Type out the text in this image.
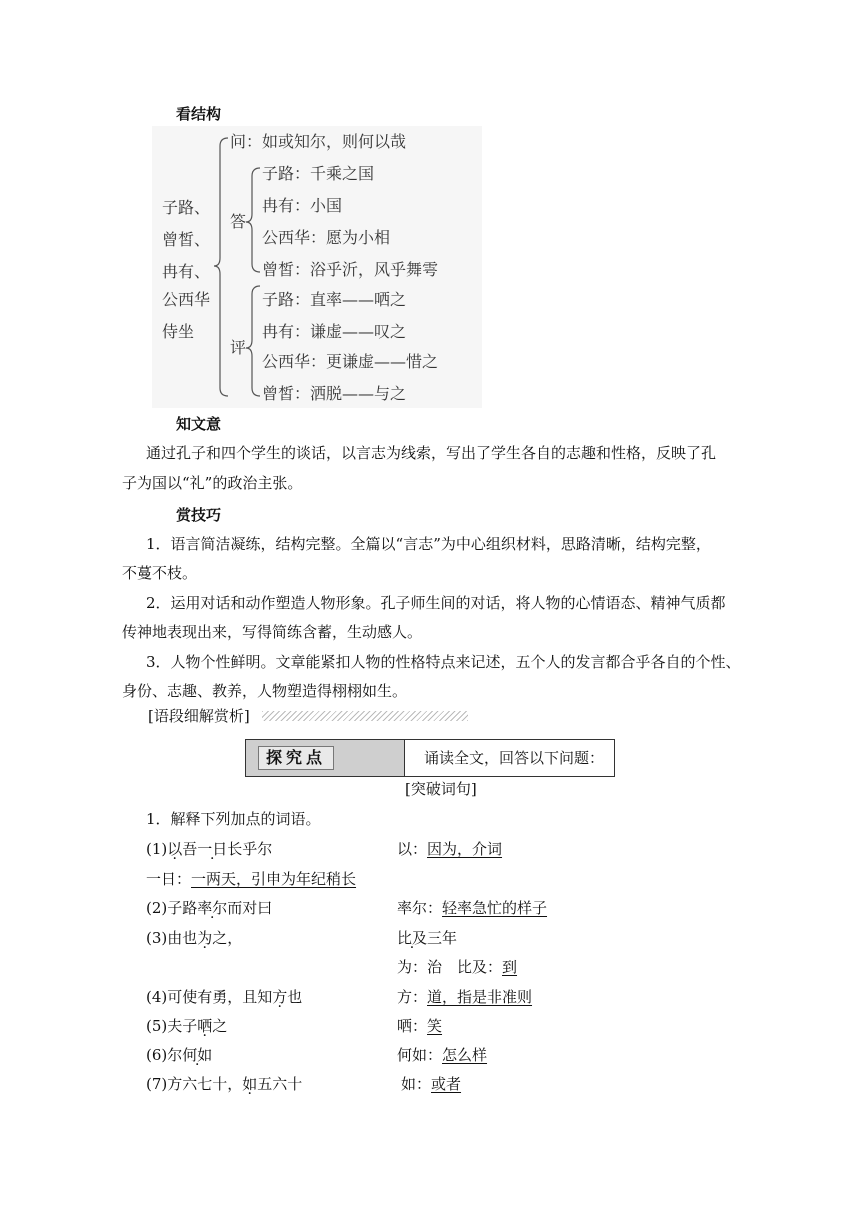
看结构
子路、
曾皙、
冉有、
公西华
侍坐
问：如或知尔，则何以哉
答
子路：千乘之国
冉有：小国
公西华：愿为小相
曾皙：浴乎沂，风乎舞雩
评
子路：直率——哂之
冉有：谦虚——叹之
公西华：更谦虚——惜之
曾皙：洒脱——与之
知文意
通过孔子和四个学生的谈话，以言志为线索，写出了学生各自的志趣和性格，反映了孔
子为国以“礼”的政治主张。
赏技巧
1．语言简洁凝练，结构完整。全篇以“言志”为中心组织材料，思路清晰，结构完整，
不蔓不枝。
2．运用对话和动作塑造人物形象。孔子师生间的对话，将人物的心情语态、精神气质都
传神地表现出来，写得简练含蓄，生动感人。
3．人物个性鲜明。文章能紧扣人物的性格特点来记述，五个人的发言都合乎各自的个性、
身份、志趣、教养，人物塑造得栩栩如生。
[语段细解赏析]
探究点	诵读全文，回答以下问题：
[突破词句]
1．解释下列加点的词语。
(1)以吾一日长乎尔	以：因为，介词
一日：一两天，引申为年纪稍长
(2)子路率尔而对曰	率尔：轻率急忙的样子
(3)由也为之，	比及三年
为：治　比及：到
(4)可使有勇，且知方也	方：道，指是非准则
(5)夫子哂之	哂：笑
(6)尔何如	何如：怎么样
(7)方六七十，如五六十	如：或者
